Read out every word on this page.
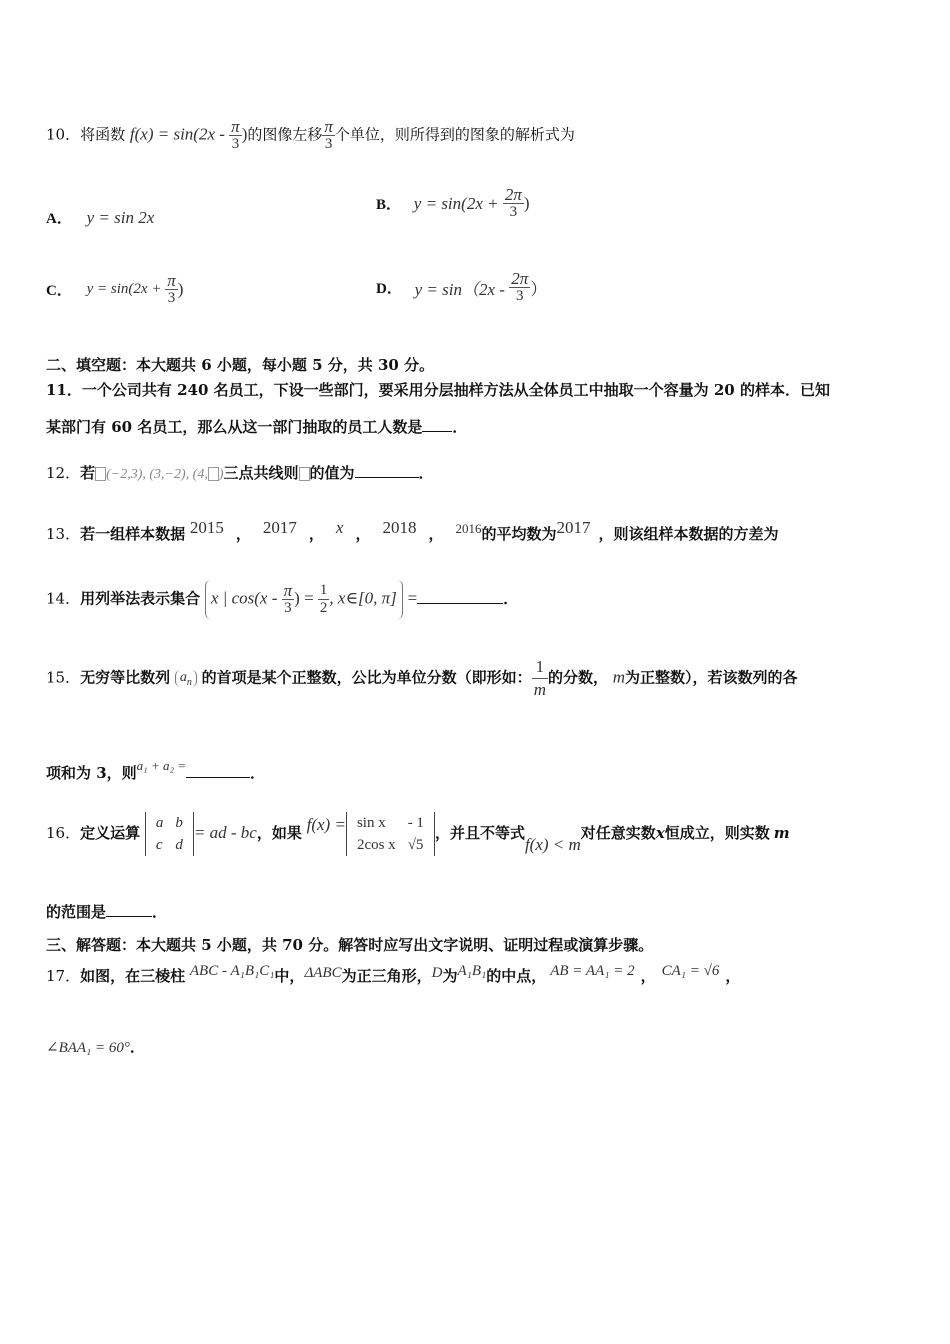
10．将函数 $f(x) = \sin(2x - \frac{\pi}{3}$ )的图像左移 $\frac{\pi}{3}$ 个单位，则所得到的图象的解析式为
A． y = sin 2x
B． $y = \sin(2x + \frac{2\pi}{3}$ )
C． $y = \sin(2x + \frac{\pi}{3}$ )	D． $y = \sin(2x - \frac{2\pi}{3}$ ）
二、填空题：本大题共 6 小题，每小题 5 分，共 30 分。
11．一个公司共有 240 名员工，下设一些部门，要采用分层抽样方法从全体员工中抽取一个容量为 20 的样本．已知
某部门有 60 名员工，那么从这一部门抽取的员工人数是 ．
12．若 (−2,3), (3,−2), (4, )三点共线则 的值为	．
13．若一组样本数据 2015 ， 2017 ， x ， 2018 ， 2016的平均数为2017 ，则该组样本数据的方差为
14．用列举法表示集合 x | $\cos(x - \frac{\pi}{3}$ ) = $\frac{1}{2}$ , x∈[0, π] =	．
15．无穷等比数列 $a_n$ 的首项是某个正整数，公比为单位分数（即形如： $\frac{1}{m}$ 的分数， m为正整数），若该数列的各
项和为 3，则a₁ + a₂ =	．
16．定义运算
a	b
c	d
= ad - bc，如果 f(x) = sin x	- 1
2cos x	√5
，并且不等式f(x) < m对任意实数x恒成立，则实数 m
的范围是	．
三、解答题：本大题共 5 小题，共 70 分。解答时应写出文字说明、证明过程或演算步骤。
17．如图，在三棱柱 ABC - A₁B₁C₁中，ΔABC为正三角形，D为A₁B₁的中点， AB = AA₁ = 2 ， CA₁ = √6 ，
∠BAA₁ = 60°．
